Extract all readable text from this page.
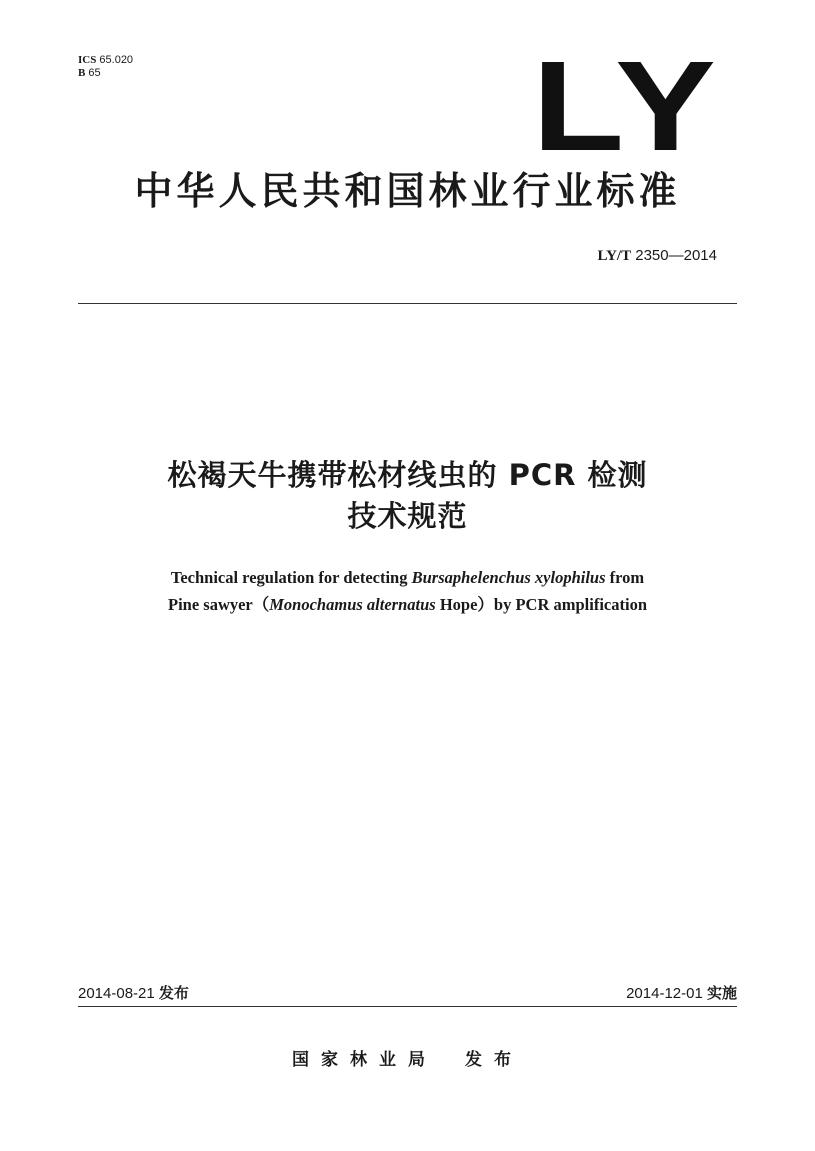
ICS 65.020
B 65	LY
中华人民共和国林业行业标准
LY/T 2350—2014
松褐天牛携带松材线虫的 PCR 检测
技术规范
Technical regulation for detecting Bursaphelenchus xylophilus from
Pine sawyer（Monochamus alternatus Hope）by PCR amplification
2014-08-21 发布	2014-12-01 实施
国家林业局 发布
